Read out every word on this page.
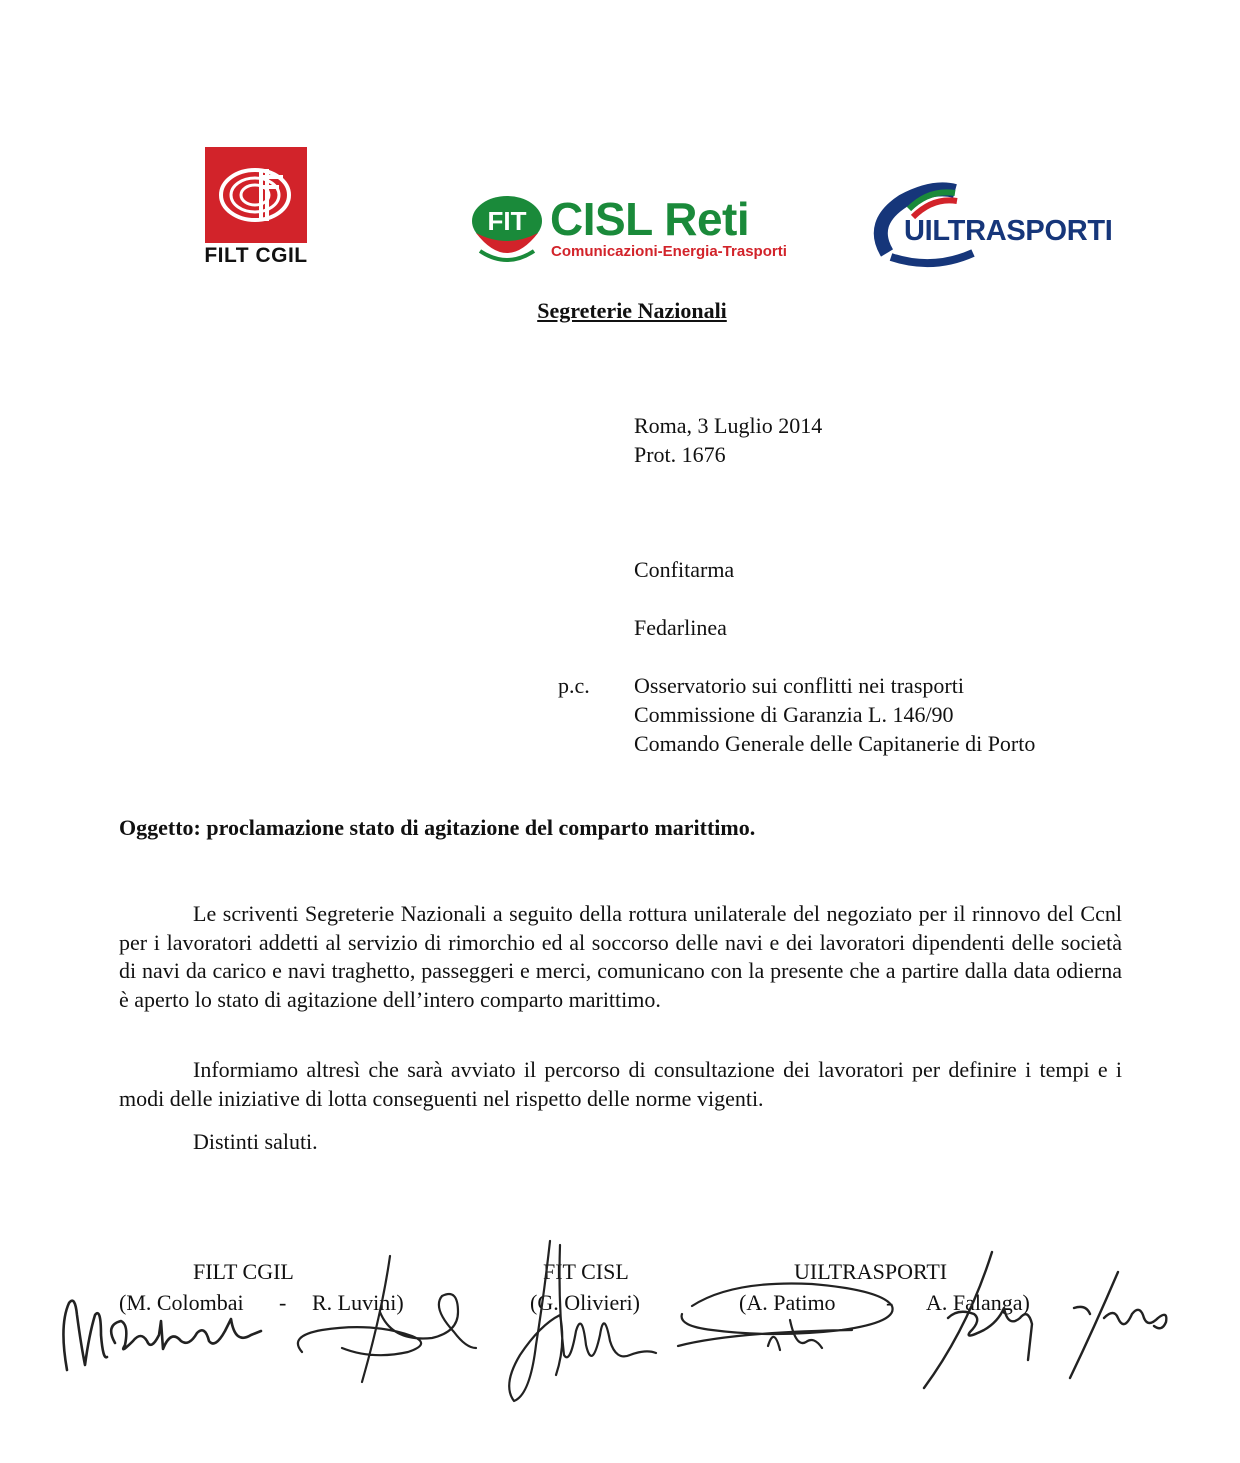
FILT CGIL
FIT CISL Reti
Comunicazioni-Energia-Trasporti
UILTRASPORTI
Segreterie Nazionali
Roma, 3 Luglio 2014
Prot. 1676
Confitarma
Fedarlinea
p.c. Osservatorio sui conflitti nei trasporti
Commissione di Garanzia L. 146/90
Comando Generale delle Capitanerie di Porto
Oggetto: proclamazione stato di agitazione del comparto marittimo.

Le scriventi Segreterie Nazionali a seguito della rottura unilaterale del negoziato per il rinnovo del Ccnl per i lavoratori addetti al servizio di rimorchio ed al soccorso delle navi e dei lavoratori dipendenti delle società di navi da carico e navi traghetto, passeggeri e merci, comunicano con la presente che a partire dalla data odierna è aperto lo stato di agitazione dell’intero comparto marittimo.

Informiamo altresì che sarà avviato il percorso di consultazione dei lavoratori per definire i tempi e i modi delle iniziative di lotta conseguenti nel rispetto delle norme vigenti.

Distinti saluti.
FILT CGIL	FIT CISL	UILTRASPORTI
(M. Colombai - R. Luvini)	(G. Olivieri)	(A. Patimo - A. Falanga)
